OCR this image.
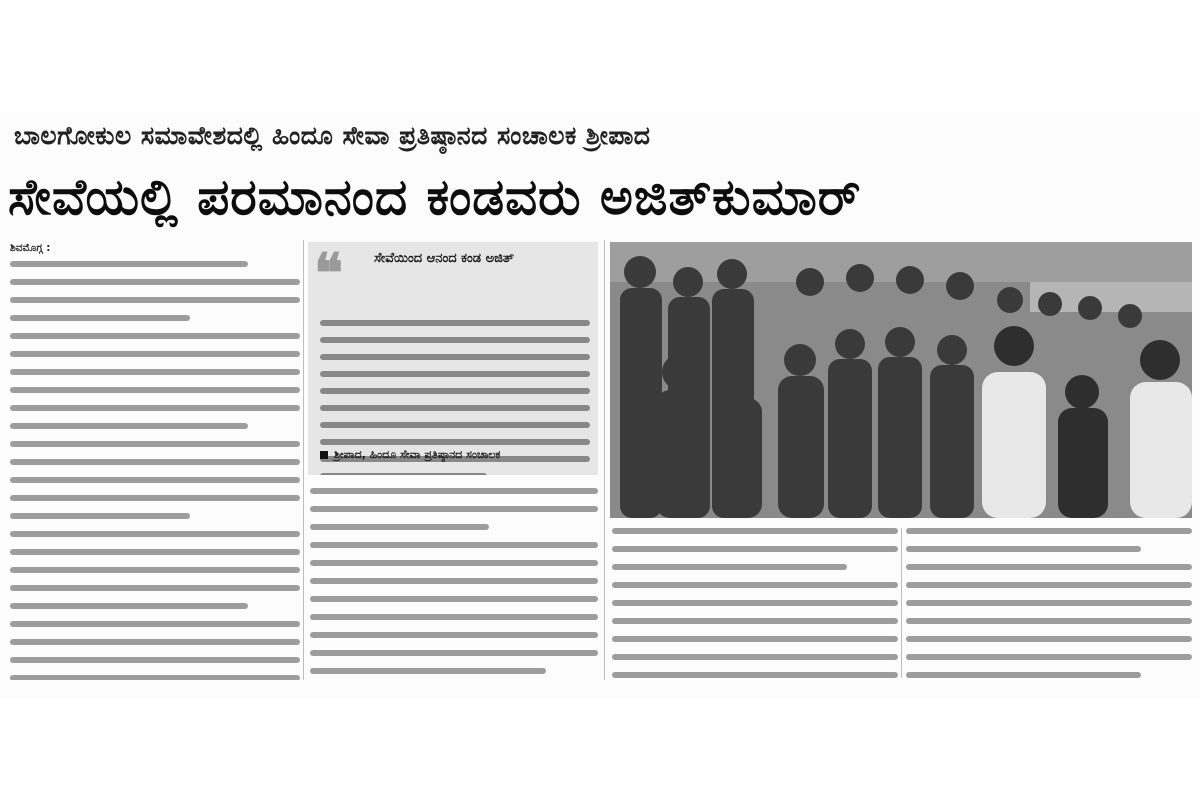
ಬಾಲಗೋಕುಲ ಸಮಾವೇಶದಲ್ಲಿ ಹಿಂದೂ ಸೇವಾ ಪ್ರತಿಷ್ಠಾನದ ಸಂಚಾಲಕ ಶ್ರೀಪಾದ
ಸೇವೆಯಲ್ಲಿ ಪರಮಾನಂದ ಕಂಡವರು ಅಜಿತ್‌ಕುಮಾರ್
ಶಿವಮೊಗ್ಗ :	❝ ಸೇವೆಯಿಂದ ಆನಂದ ಕಂಡ ಅಜಿತ್
ಶ್ರೀಪಾದ, ಹಿಂದೂ ಸೇವಾ ಪ್ರತಿಷ್ಠಾನದ ಸಂಚಾಲಕ
